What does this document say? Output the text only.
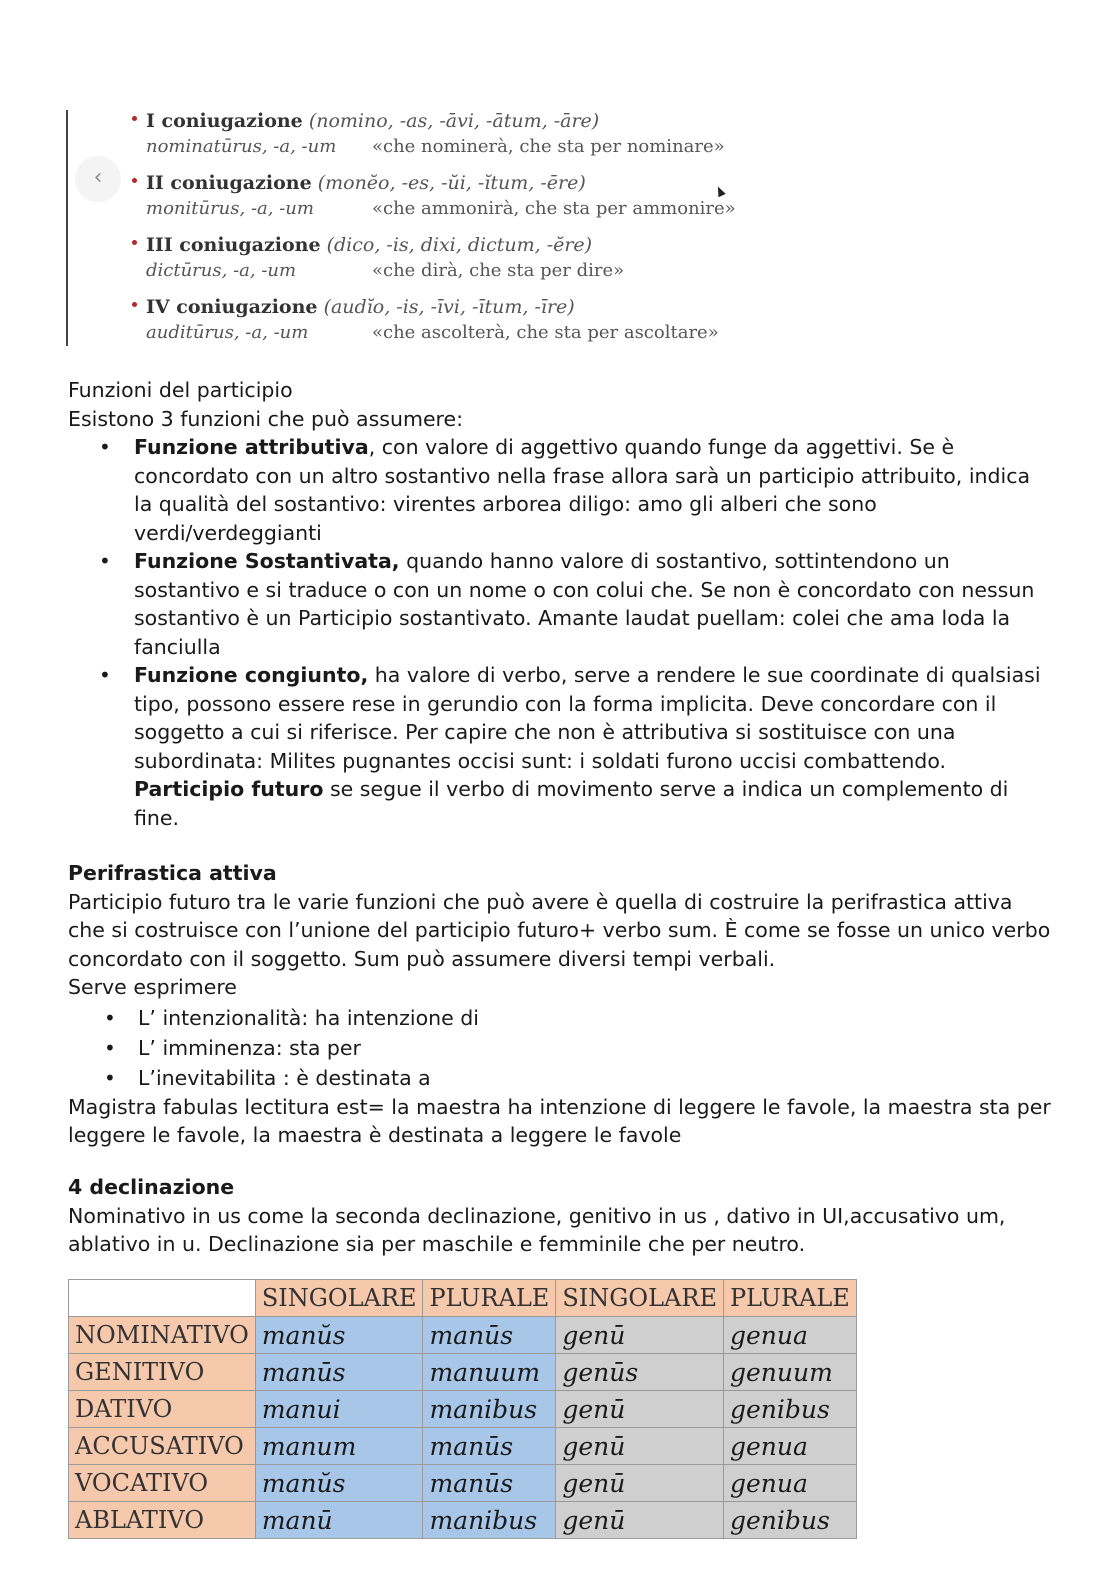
‹
I coniugazione (nomino, -as, -āvi, -ātum, -āre)
nominatūrus, -a, -um	«che nominerà, che sta per nominare»
II coniugazione (monĕo, -es, -ŭi, -ĭtum, -ēre)
monitūrus, -a, -um	«che ammonirà, che sta per ammonire»
III coniugazione (dico, -is, dixi, dictum, -ĕre)
dictūrus, -a, -um	«che dirà, che sta per dire»
IV coniugazione (audĭo, -is, -īvi, -ītum, -īre)
auditūrus, -a, -um	«che ascolterà, che sta per ascoltare»

Funzioni del participio

Esistono 3 funzioni che può assumere:

• Funzione attributiva, con valore di aggettivo quando funge da aggettivi. Se è concordato con un altro sostantivo nella frase allora sarà un participio attribuito, indica la qualità del sostantivo: virentes arborea diligo: amo gli alberi che sono verdi/verdeggianti
• Funzione Sostantivata, quando hanno valore di sostantivo, sottintendono un sostantivo e si traduce o con un nome o con colui che. Se non è concordato con nessun sostantivo è un Participio sostantivato. Amante laudat puellam: colei che ama loda la fanciulla
• Funzione congiunto, ha valore di verbo, serve a rendere le sue coordinate di qualsiasi tipo, possono essere rese in gerundio con la forma implicita. Deve concordare con il soggetto a cui si riferisce. Per capire che non è attributiva si sostituisce con una subordinata: Milites pugnantes occisi sunt: i soldati furono uccisi combattendo. Participio futuro se segue il verbo di movimento serve a indica un complemento di fine.

Perifrastica attiva

Participio futuro tra le varie funzioni che può avere è quella di costruire la perifrastica attiva che si costruisce con l’unione del participio futuro+ verbo sum. È come se fosse un unico verbo concordato con il soggetto. Sum può assumere diversi tempi verbali.

Serve esprimere

• L’ intenzionalità: ha intenzione di
• L’ imminenza: sta per
• L’inevitabilita : è destinata a

Magistra fabulas lectitura est= la maestra ha intenzione di leggere le favole, la maestra sta per leggere le favole, la maestra è destinata a leggere le favole

4 declinazione

Nominativo in us come la seconda declinazione, genitivo in us , dativo in UI,accusativo um, ablativo in u. Declinazione sia per maschile e femminile che per neutro.

	SINGOLARE	PLURALE	SINGOLARE	PLURALE
NOMINATIVO	manŭs	manūs	genū	genua
GENITIVO	manūs	manuum	genūs	genuum
DATIVO	manui	manibus	genū	genibus
ACCUSATIVO	manum	manūs	genū	genua
VOCATIVO	manŭs	manūs	genū	genua
ABLATIVO	manū	manibus	genū	genibus
